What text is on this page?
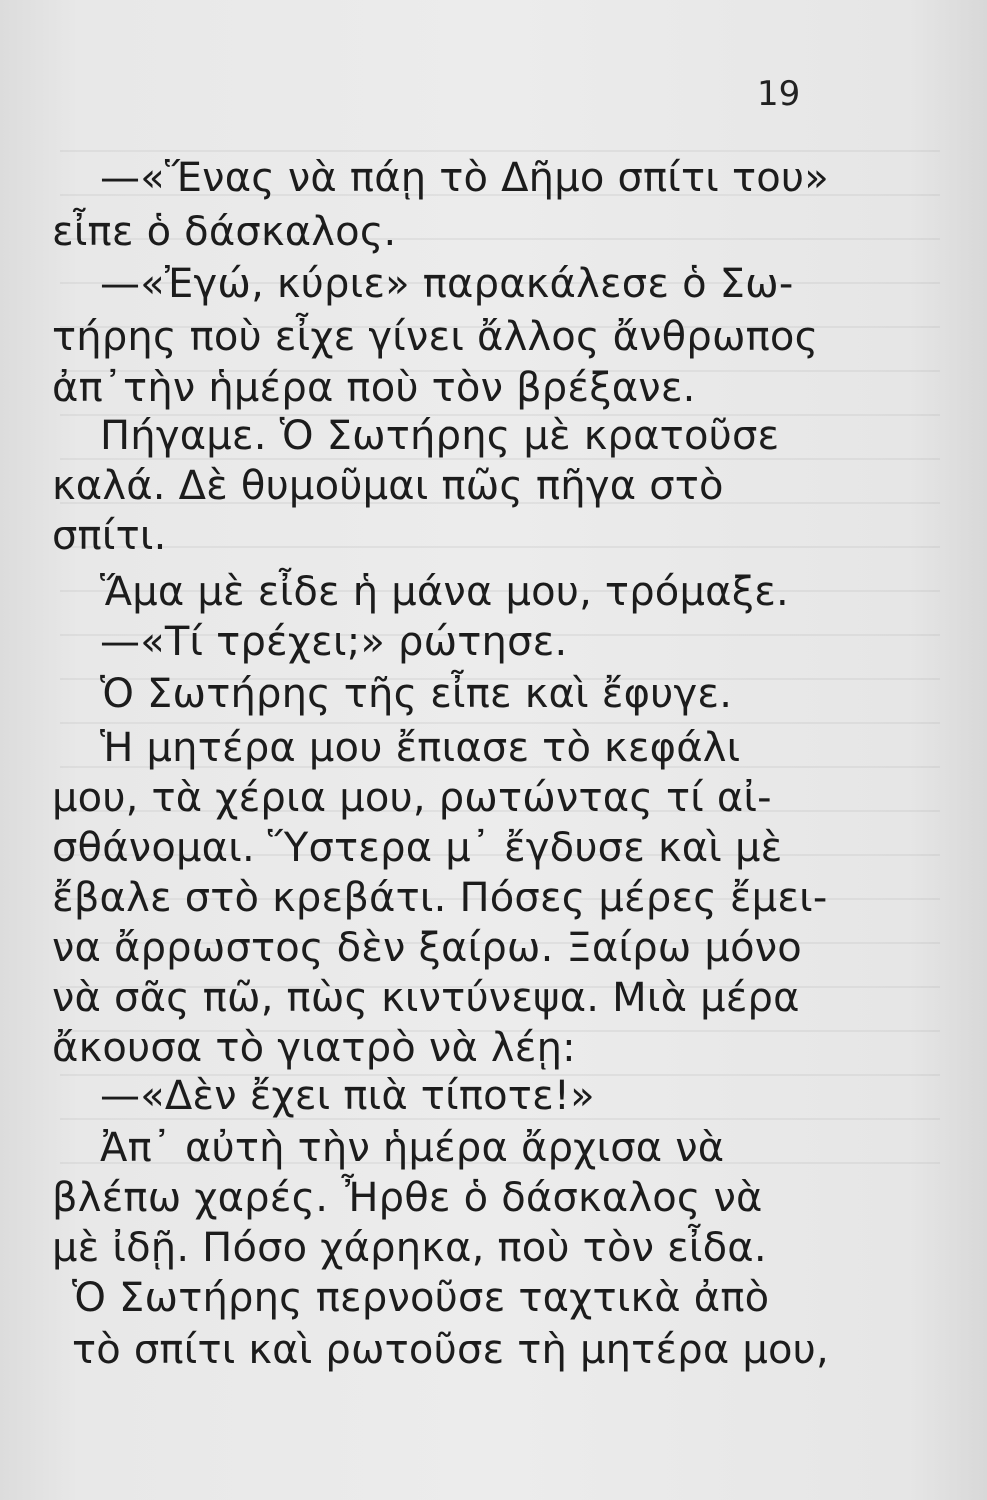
19
—«Ἕνας νὰ πάῃ τὸ Δῆμο σπίτι του»
εἶπε ὁ δάσκαλος.
—«Ἐγώ, κύριε» παρακάλεσε ὁ Σω-
τήρης ποὺ εἶχε γίνει ἄλλος ἄνθρωπος
ἀπ᾿τὴν ἡμέρα ποὺ τὸν βρέξανε.
Πήγαμε. Ὁ Σωτήρης μὲ κρατοῦσε
καλά. Δὲ θυμοῦμαι πῶς πῆγα στὸ
σπίτι.
Ἅμα μὲ εἶδε ἡ μάνα μου, τρόμαξε.
—«Τί τρέχει;» ρώτησε.
Ὁ Σωτήρης τῆς εἶπε καὶ ἔφυγε.
Ἡ μητέρα μου ἔπιασε τὸ κεφάλι
μου, τὰ χέρια μου, ρωτώντας τί αἰ-
σθάνομαι. Ὕστερα μ᾿ ἔγδυσε καὶ μὲ
ἔβαλε στὸ κρεβάτι. Πόσες μέρες ἔμει-
να ἄρρωστος δὲν ξαίρω. Ξαίρω μόνο
νὰ σᾶς πῶ, πὼς κιντύνεψα. Μιὰ μέρα
ἄκουσα τὸ γιατρὸ νὰ λέῃ:
—«Δὲν ἔχει πιὰ τίποτε!»
Ἀπ᾿ αὐτὴ τὴν ἡμέρα ἄρχισα νὰ
βλέπω χαρές. Ἦρθε ὁ δάσκαλος νὰ
μὲ ἰδῇ. Πόσο χάρηκα, ποὺ τὸν εἶδα.
Ὁ Σωτήρης περνοῦσε ταχτικὰ ἀπὸ
τὸ σπίτι καὶ ρωτοῦσε τὴ μητέρα μου,
